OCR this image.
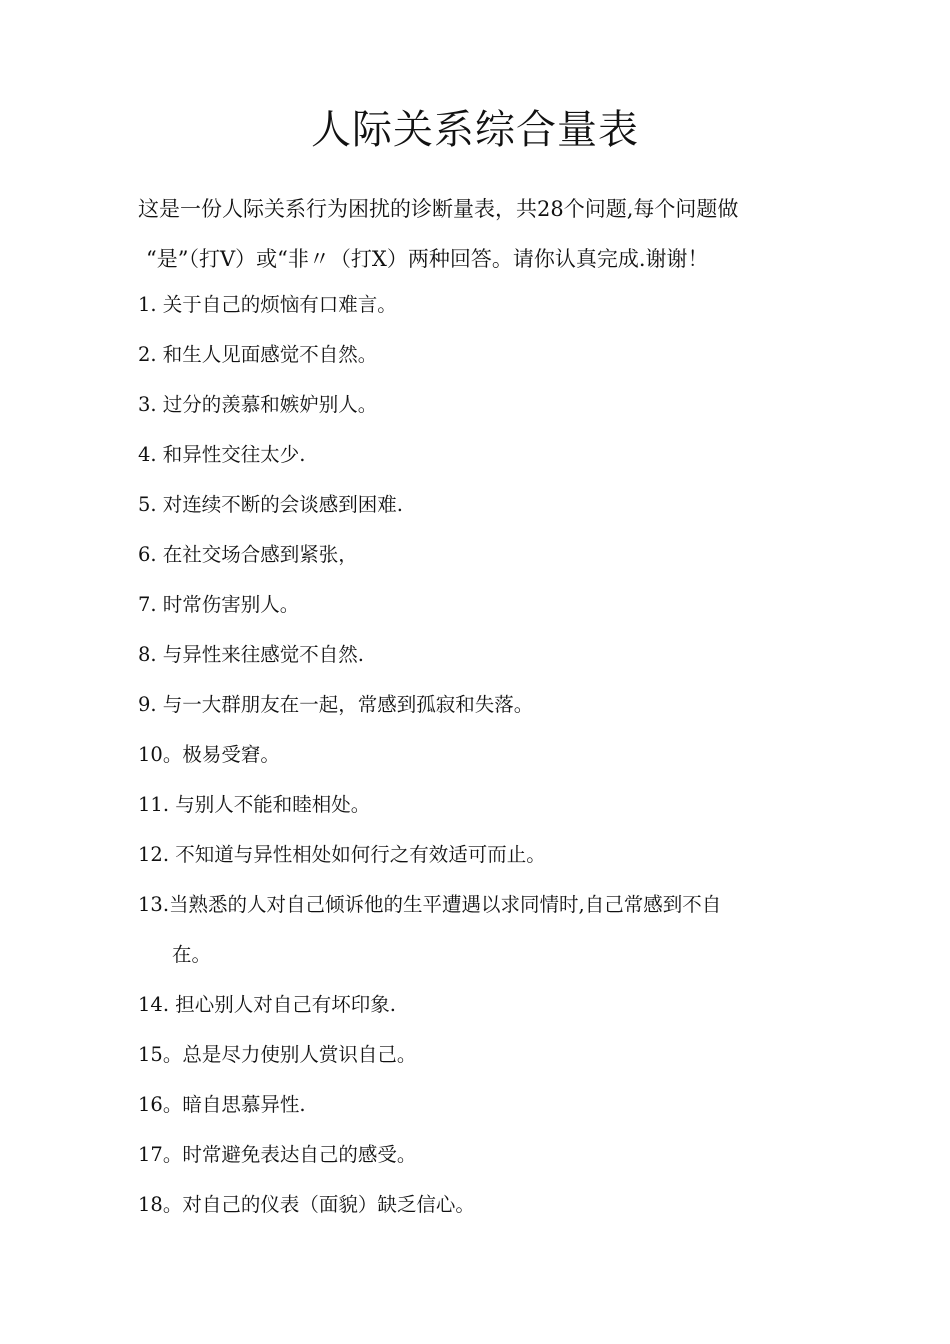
人际关系综合量表

这是一份人际关系行为困扰的诊断量表，共28个问题,每个问题做
“是”（打V）或“非〃（打X）两种回答。请你认真完成.谢谢！

1. 关于自己的烦恼有口难言。
2. 和生人见面感觉不自然。
3. 过分的羡慕和嫉妒别人。
4. 和异性交往太少.
5. 对连续不断的会谈感到困难.
6. 在社交场合感到紧张，
7. 时常伤害别人。
8. 与异性来往感觉不自然.
9. 与一大群朋友在一起，常感到孤寂和失落。
10。极易受窘。
11. 与别人不能和睦相处。
12. 不知道与异性相处如何行之有效适可而止。
13.当熟悉的人对自己倾诉他的生平遭遇以求同情时,自己常感到不自
在。
14. 担心别人对自己有坏印象.
15。总是尽力使别人赏识自己。
16。暗自思慕异性.
17。时常避免表达自己的感受。
18。对自己的仪表（面貌）缺乏信心。
